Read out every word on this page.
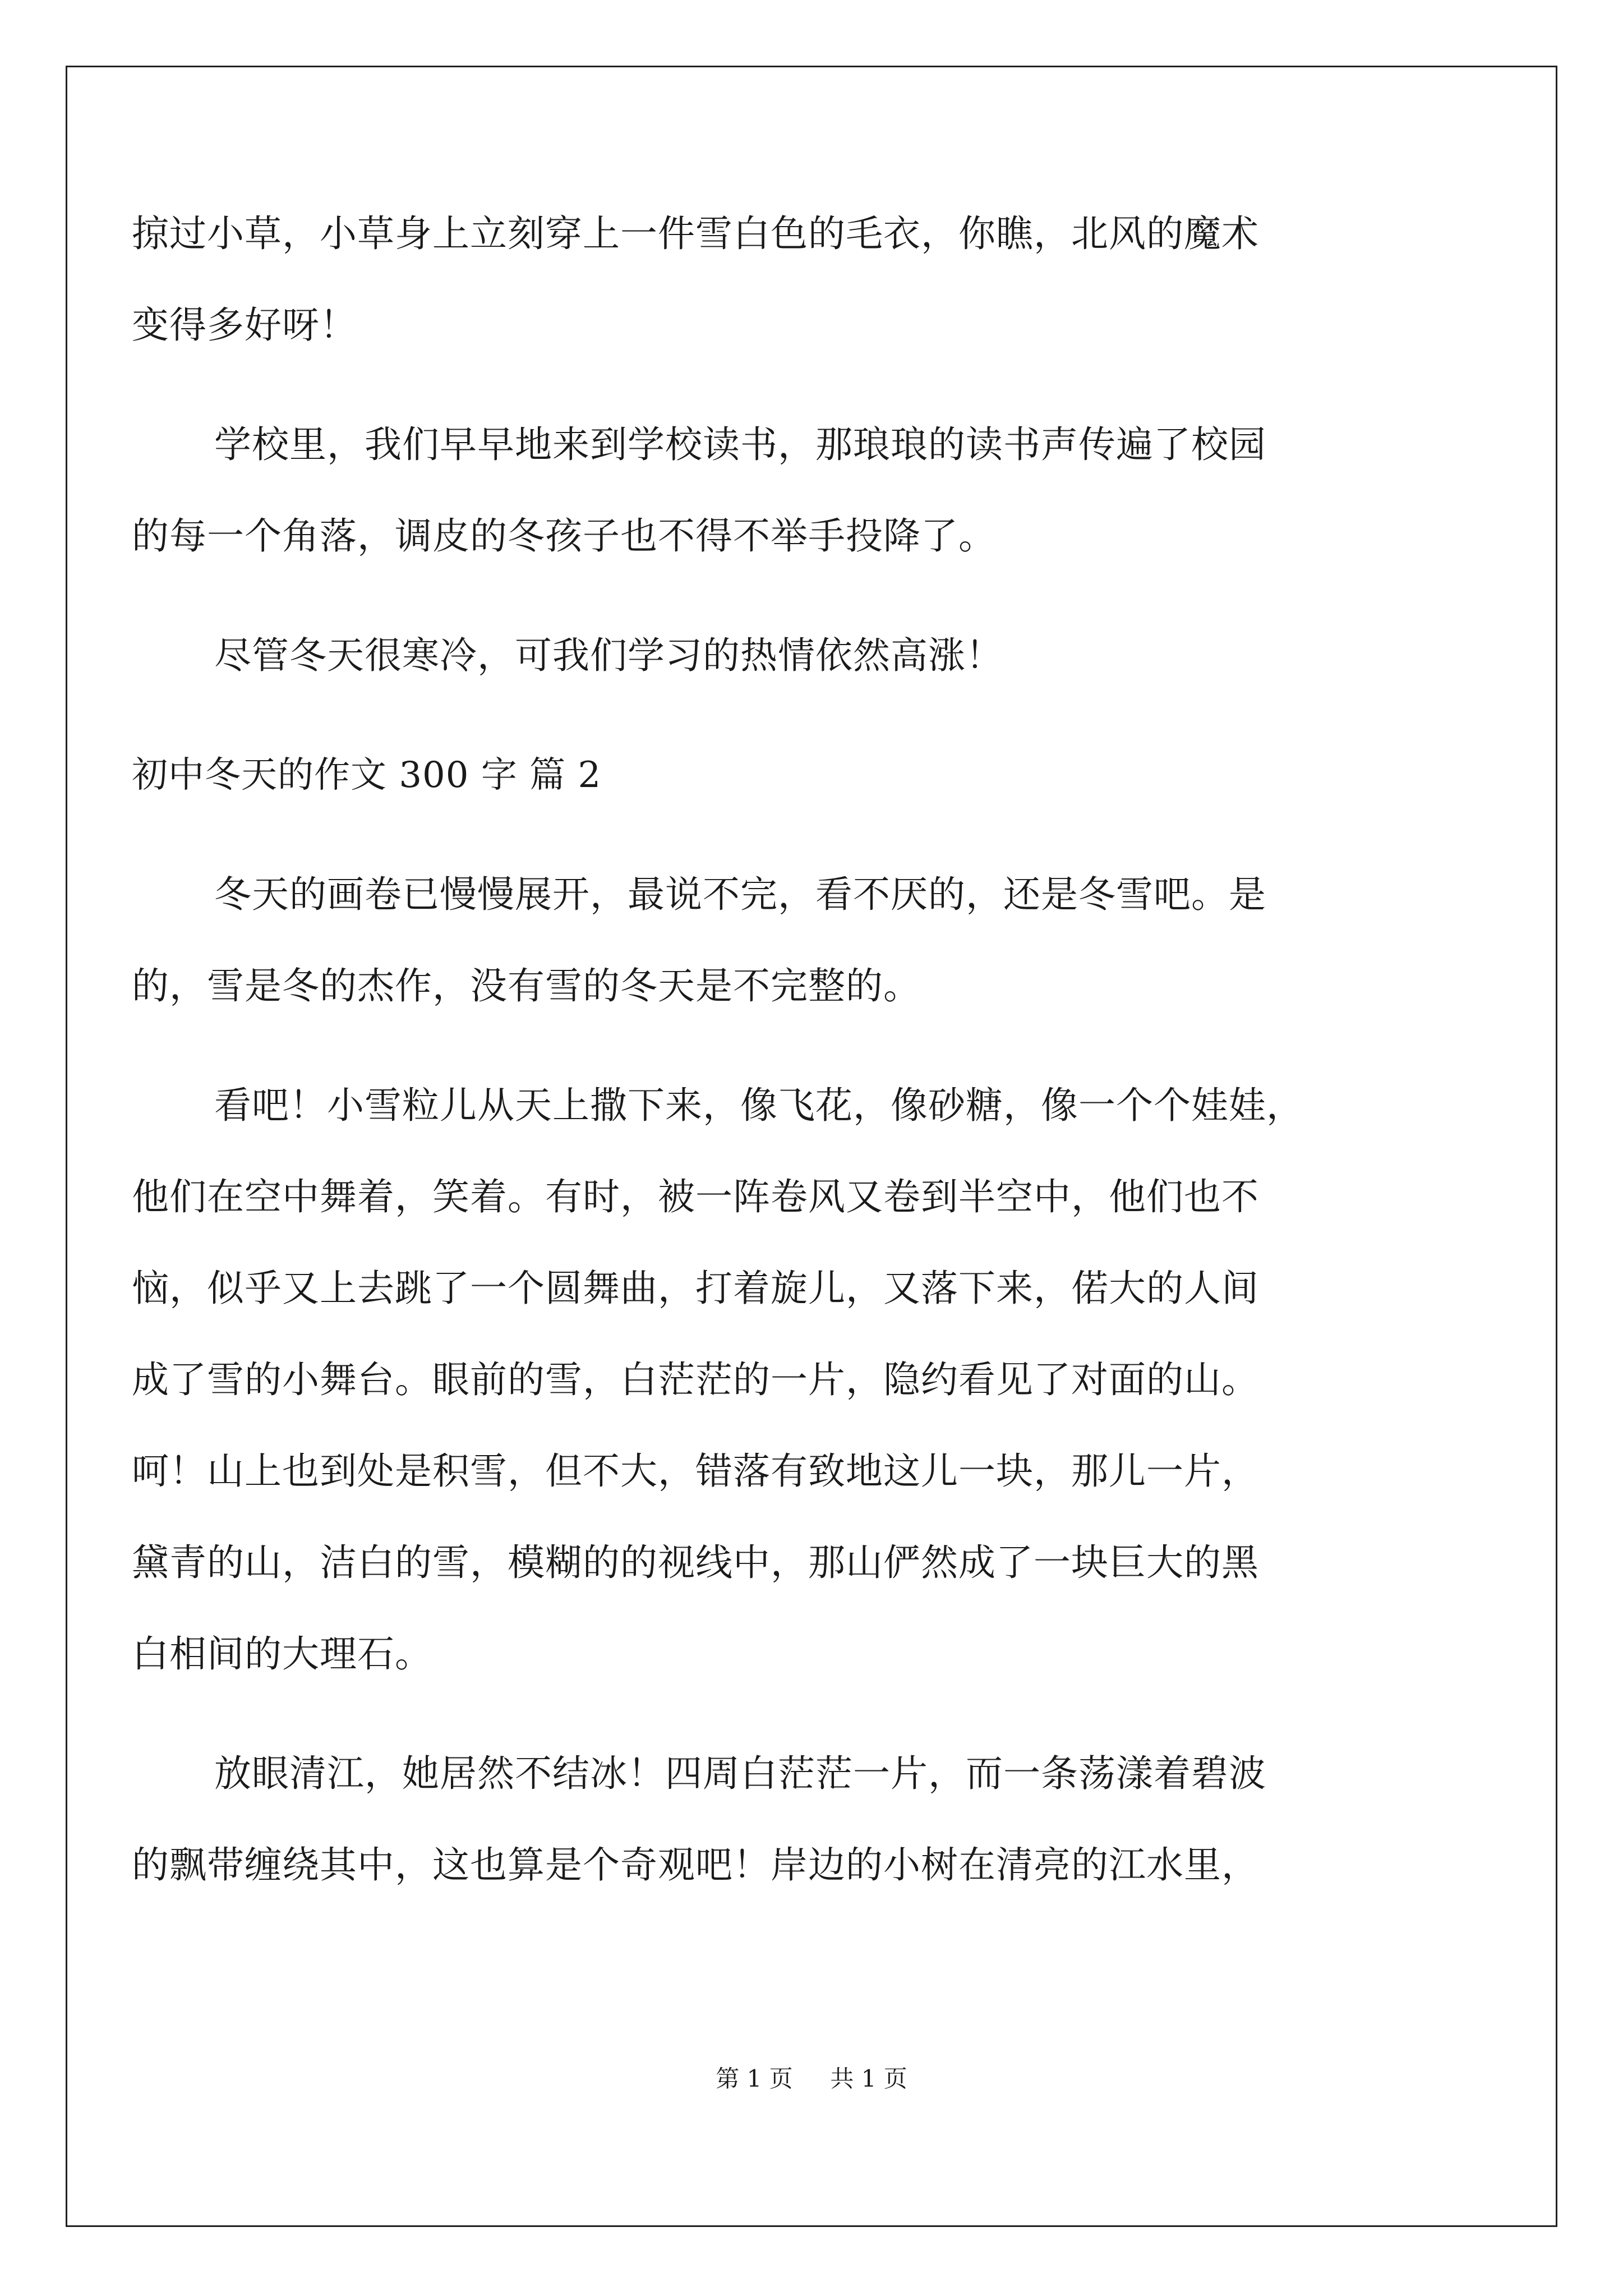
掠过小草，小草身上立刻穿上一件雪白色的毛衣，你瞧，北风的魔术
变得多好呀！
学校里，我们早早地来到学校读书，那琅琅的读书声传遍了校园
的每一个角落，调皮的冬孩子也不得不举手投降了。
尽管冬天很寒冷，可我们学习的热情依然高涨！
初中冬天的作文 300 字 篇 2
冬天的画卷已慢慢展开，最说不完，看不厌的，还是冬雪吧。是
的，雪是冬的杰作，没有雪的冬天是不完整的。
看吧！小雪粒儿从天上撒下来，像飞花，像砂糖，像一个个娃娃，
他们在空中舞着，笑着。有时，被一阵卷风又卷到半空中，他们也不
恼，似乎又上去跳了一个圆舞曲，打着旋儿，又落下来，偌大的人间
成了雪的小舞台。眼前的雪，白茫茫的一片，隐约看见了对面的山。
呵！山上也到处是积雪，但不大，错落有致地这儿一块，那儿一片，
黛青的山，洁白的雪，模糊的的视线中，那山俨然成了一块巨大的黑
白相间的大理石。
放眼清江，她居然不结冰！四周白茫茫一片，而一条荡漾着碧波
的飘带缠绕其中，这也算是个奇观吧！岸边的小树在清亮的江水里，
第 1 页 共 1 页
